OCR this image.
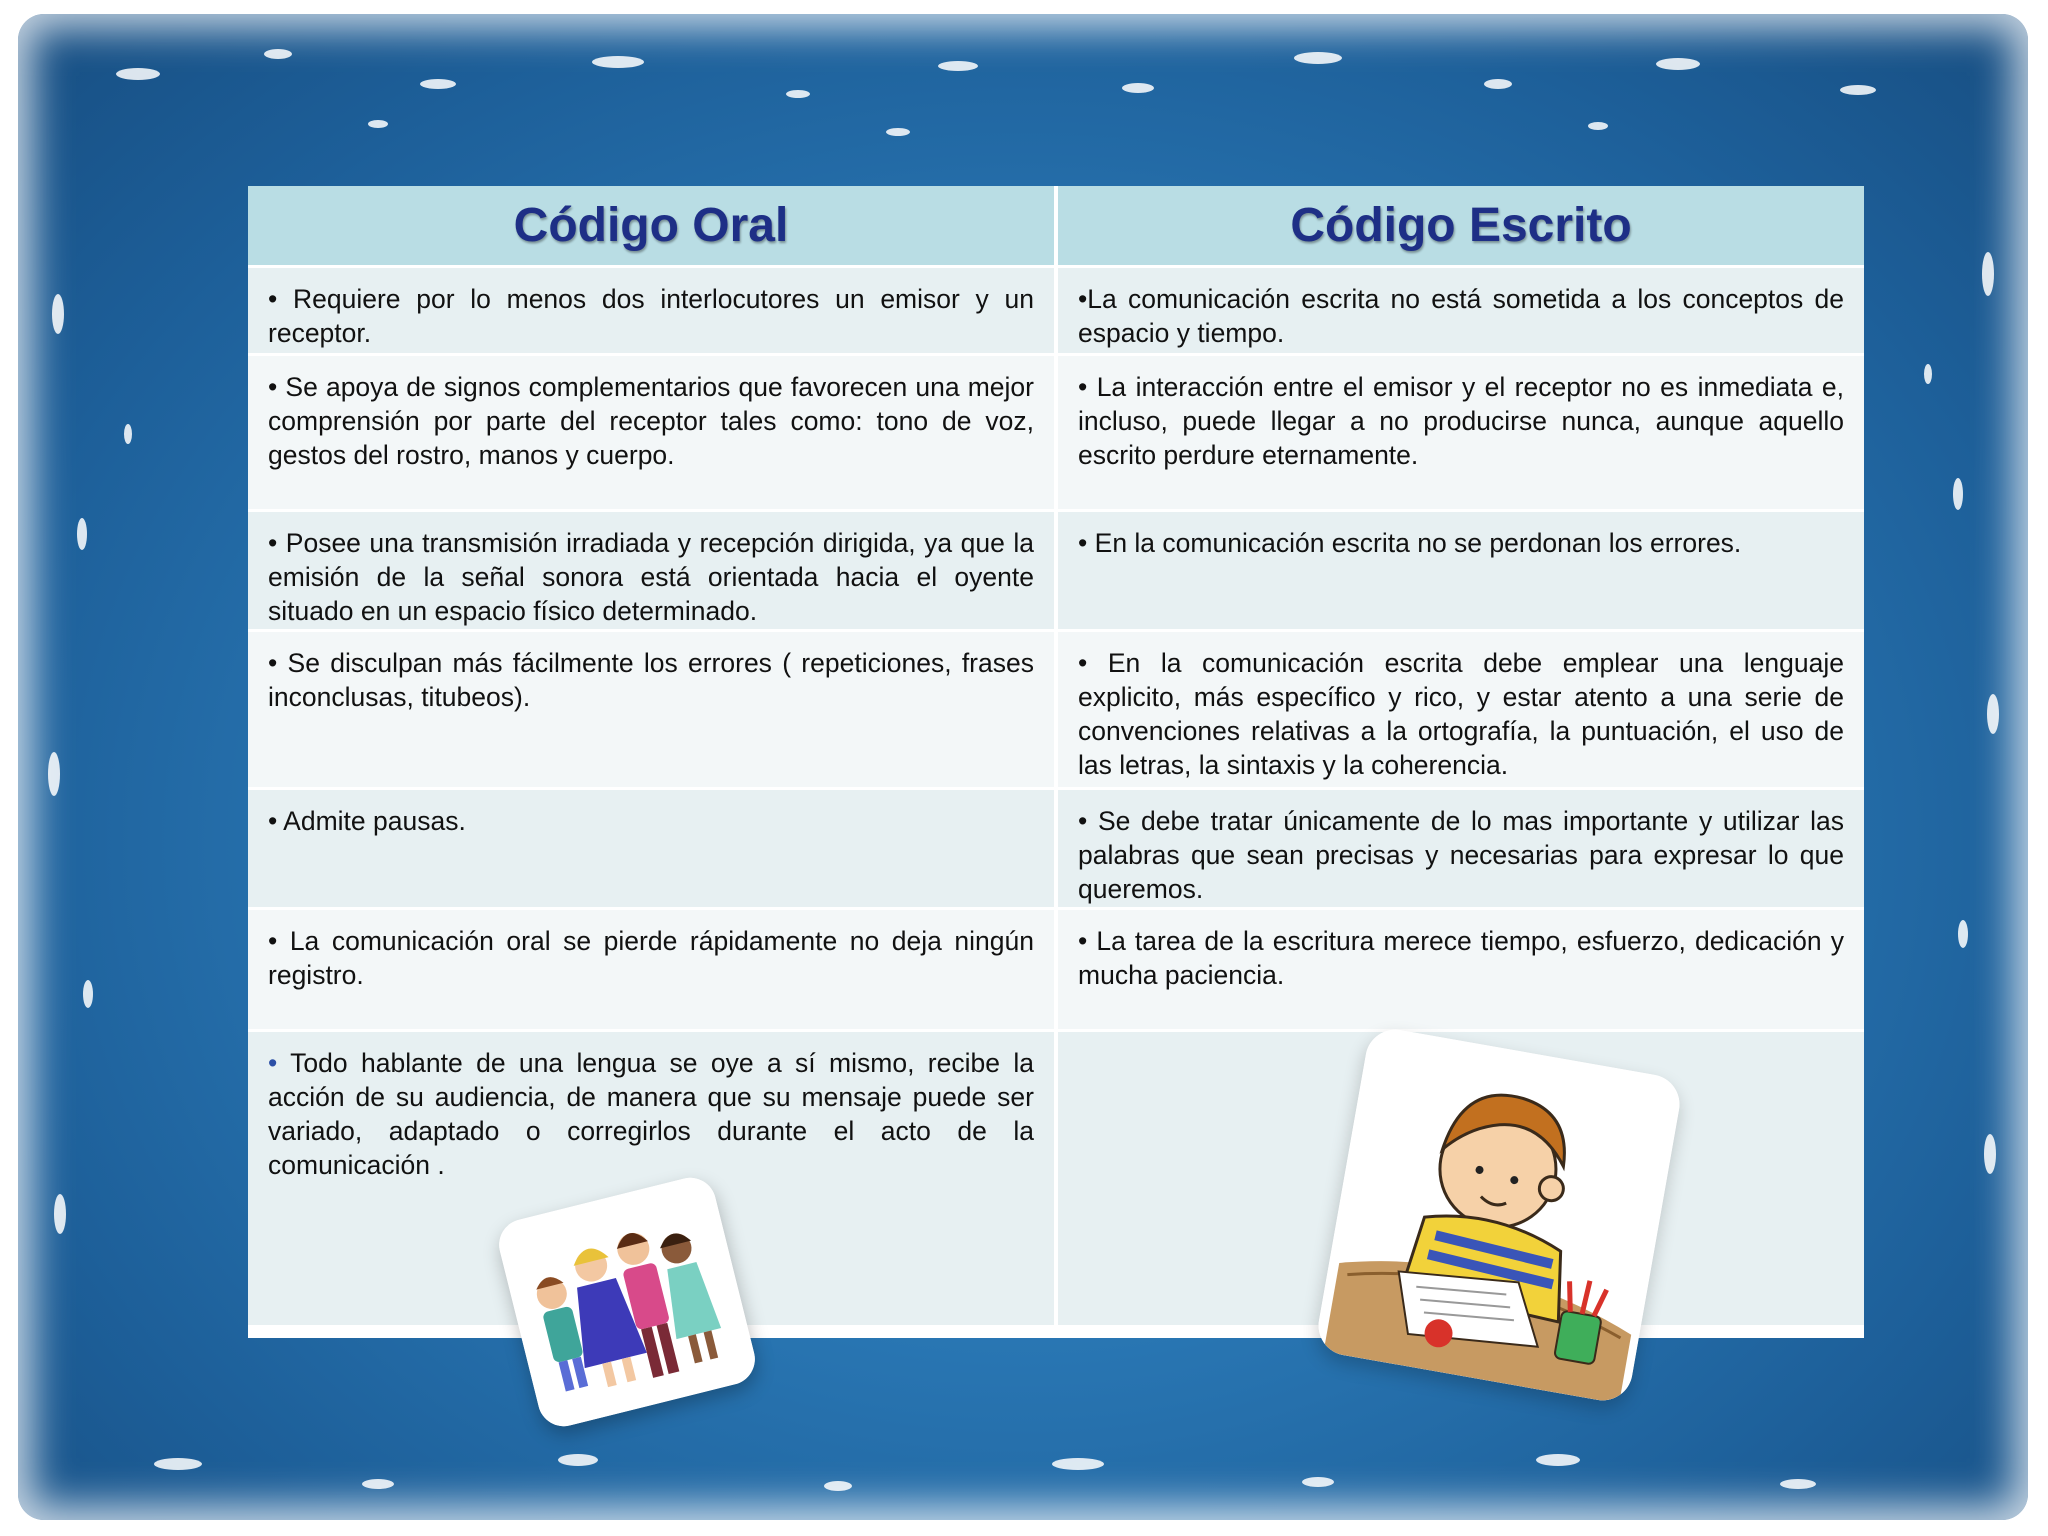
Código Oral	Código Escrito
• Requiere por lo menos dos interlocutores un emisor y un receptor.
•La comunicación escrita no está sometida a los conceptos de espacio y tiempo.
• Se apoya de signos complementarios que favorecen una mejor comprensión por parte del receptor tales como: tono de voz, gestos del rostro, manos y cuerpo.
• La interacción entre el emisor y el receptor no es inmediata e, incluso, puede llegar a no producirse nunca, aunque aquello escrito perdure eternamente.
• Posee una transmisión irradiada y recepción dirigida, ya que la emisión de la señal sonora está orientada hacia el oyente situado en un espacio físico determinado.
• En la comunicación escrita no se perdonan los errores.
• Se disculpan más fácilmente los errores ( repeticiones, frases inconclusas, titubeos).
• En la comunicación escrita debe emplear una lenguaje explicito, más específico y rico, y estar atento a una serie de convenciones relativas a la ortografía, la puntuación, el uso de las letras, la sintaxis y la coherencia.
• Admite pausas.	• Se debe tratar únicamente de lo mas importante y utilizar las palabras que sean precisas y necesarias para expresar lo que queremos.
• La comunicación oral se pierde rápidamente no deja ningún registro.
• La tarea de la escritura merece tiempo, esfuerzo, dedicación y mucha paciencia.
• Todo hablante de una lengua se oye a sí mismo, recibe la acción de su audiencia, de manera que su mensaje puede ser variado, adaptado o corregirlos durante el acto de la comunicación .
